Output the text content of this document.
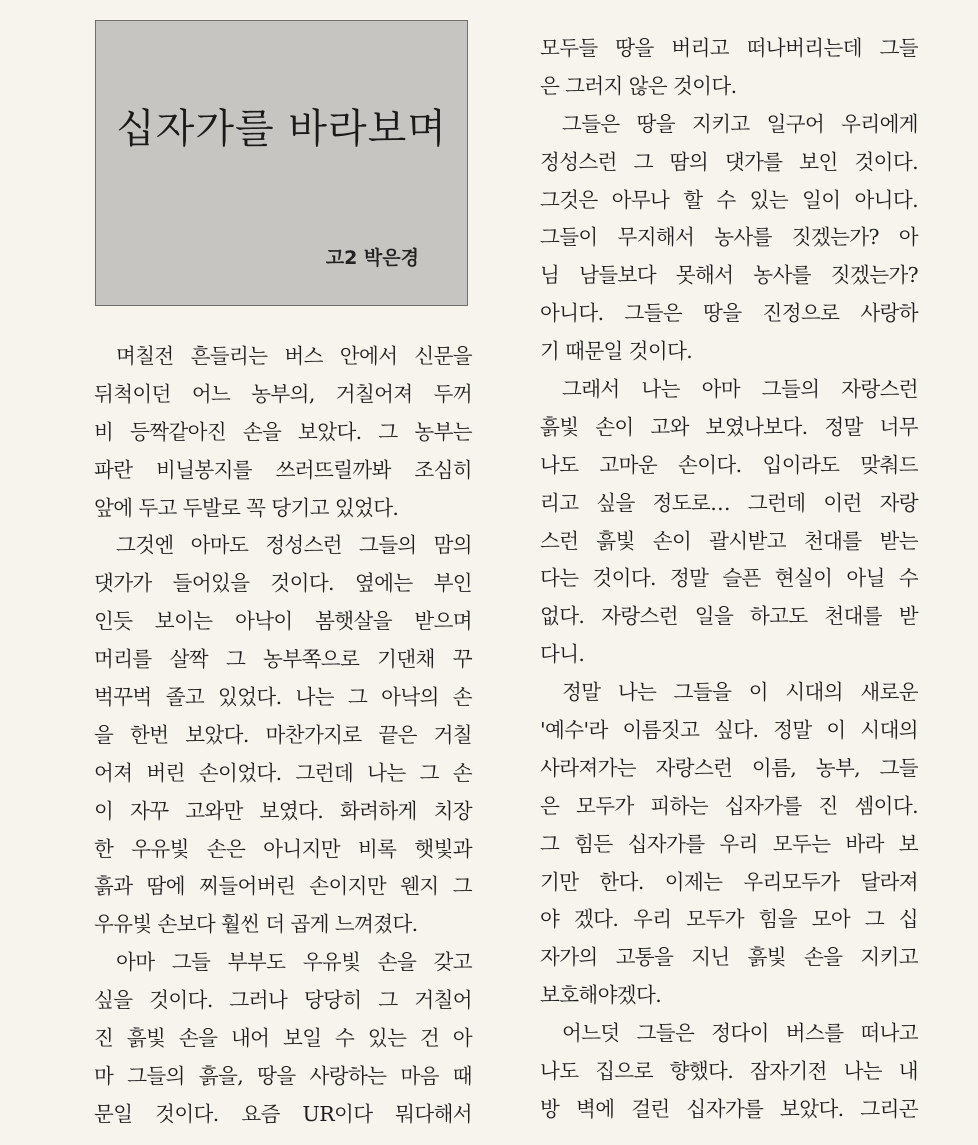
십자가를 바라보며
고2 박은경
며칠전 흔들리는 버스 안에서 신문을
뒤척이던 어느 농부의, 거칠어져 두꺼
비 등짝같아진 손을 보았다. 그 농부는
파란 비닐봉지를 쓰러뜨릴까봐 조심히
앞에 두고 두발로 꼭 당기고 있었다.
그것엔 아마도 정성스런 그들의 맘의
댓가가 들어있을 것이다. 옆에는 부인
인듯 보이는 아낙이 봄햇살을 받으며
머리를 살짝 그 농부쪽으로 기댄채 꾸
벅꾸벅 졸고 있었다. 나는 그 아낙의 손
을 한번 보았다. 마찬가지로 끝은 거칠
어져 버린 손이었다. 그런데 나는 그 손
이 자꾸 고와만 보였다. 화려하게 치장
한 우유빛 손은 아니지만 비록 햇빛과
흙과 땀에 찌들어버린 손이지만 웬지 그
우유빛 손보다 훨씬 더 곱게 느껴졌다.
아마 그들 부부도 우유빛 손을 갖고
싶을 것이다. 그러나 당당히 그 거칠어
진 흙빛 손을 내어 보일 수 있는 건 아
마 그들의 흙을, 땅을 사랑하는 마음 때
문일 것이다. 요즘 UR이다 뭐다해서
모두들 땅을 버리고 떠나버리는데 그들
은 그러지 않은 것이다.
그들은 땅을 지키고 일구어 우리에게
정성스런 그 땀의 댓가를 보인 것이다.
그것은 아무나 할 수 있는 일이 아니다.
그들이 무지해서 농사를 짓겠는가? 아
님 남들보다 못해서 농사를 짓겠는가?
아니다. 그들은 땅을 진정으로 사랑하
기 때문일 것이다.
그래서 나는 아마 그들의 자랑스런
흙빛 손이 고와 보였나보다. 정말 너무
나도 고마운 손이다. 입이라도 맞춰드
리고 싶을 정도로… 그런데 이런 자랑
스런 흙빛 손이 괄시받고 천대를 받는
다는 것이다. 정말 슬픈 현실이 아닐 수
없다. 자랑스런 일을 하고도 천대를 받
다니.
정말 나는 그들을 이 시대의 새로운
'예수'라 이름짓고 싶다. 정말 이 시대의
사라져가는 자랑스런 이름, 농부, 그들
은 모두가 피하는 십자가를 진 셈이다.
그 힘든 십자가를 우리 모두는 바라 보
기만 한다. 이제는 우리모두가 달라져
야 겠다. 우리 모두가 힘을 모아 그 십
자가의 고통을 지닌 흙빛 손을 지키고
보호해야겠다.
어느덧 그들은 정다이 버스를 떠나고
나도 집으로 향했다. 잠자기전 나는 내
방 벽에 걸린 십자가를 보았다. 그리곤
